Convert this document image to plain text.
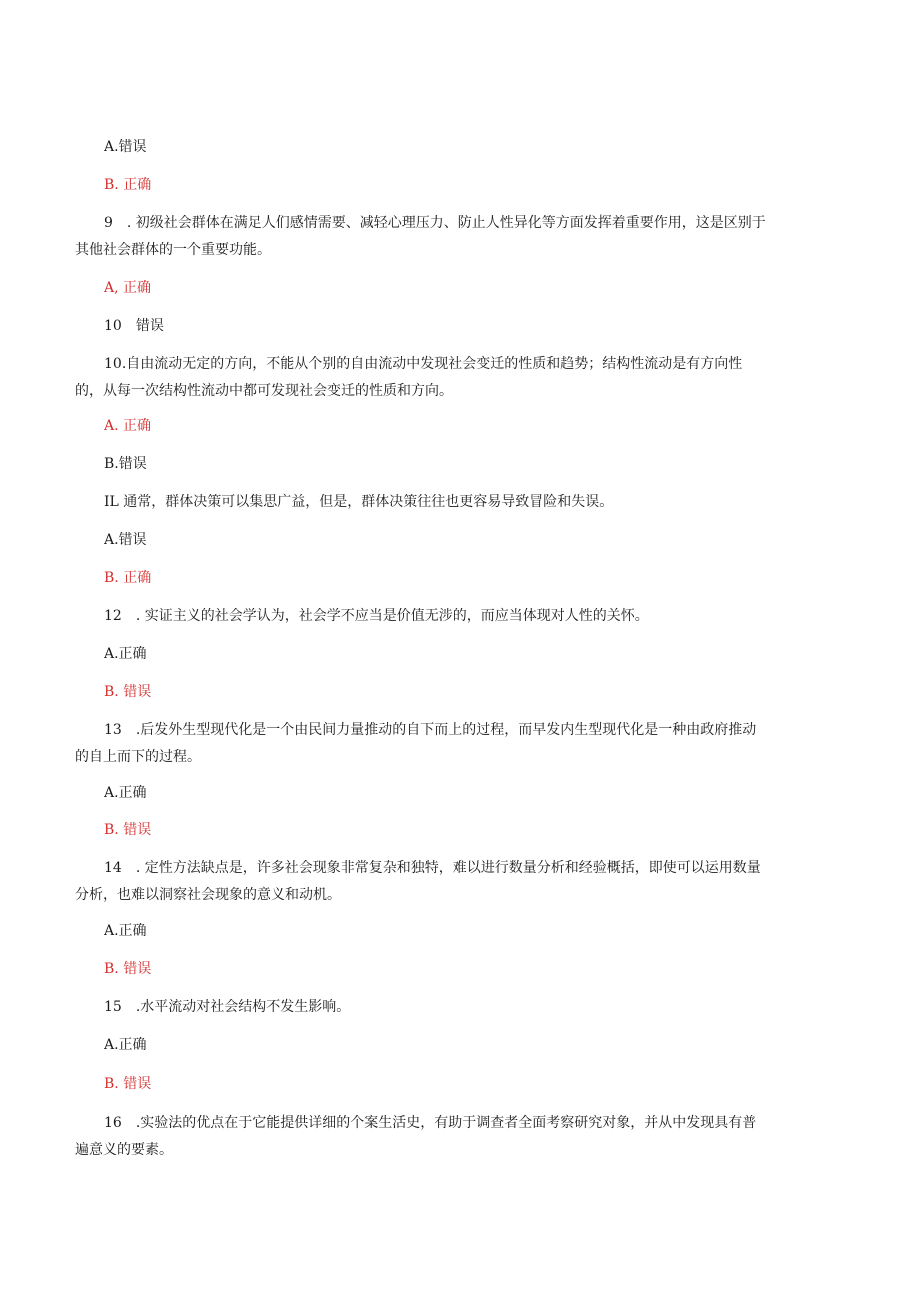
A.错误
B. 正确
9　. 初级社会群体在满足人们感情需要、减轻心理压力、防止人性异化等方面发挥着重要作用，这是区别于
其他社会群体的一个重要功能。
A, 正确
10　错误
10.自由流动无定的方向，不能从个别的自由流动中发现社会变迁的性质和趋势；结构性流动是有方向性
的，从每一次结构性流动中都可发现社会变迁的性质和方向。
A. 正确
B.错误
IL 通常，群体决策可以集思广益，但是，群体决策往往也更容易导致冒险和失误。
A.错误
B. 正确
12　. 实证主义的社会学认为，社会学不应当是价值无涉的，而应当体现对人性的关怀。
A.正确
B. 错误
13　.后发外生型现代化是一个由民间力量推动的自下而上的过程，而早发内生型现代化是一种由政府推动
的自上而下的过程。
A.正确
B. 错误
14　. 定性方法缺点是，许多社会现象非常复杂和独特，难以进行数量分析和经验概括，即使可以运用数量
分析，也难以洞察社会现象的意义和动机。
A.正确
B. 错误
15　.水平流动对社会结构不发生影响。
A.正确
B. 错误
16　.实验法的优点在于它能提供详细的个案生活史，有助于调查者全面考察研究对象，并从中发现具有普
遍意义的要素。
